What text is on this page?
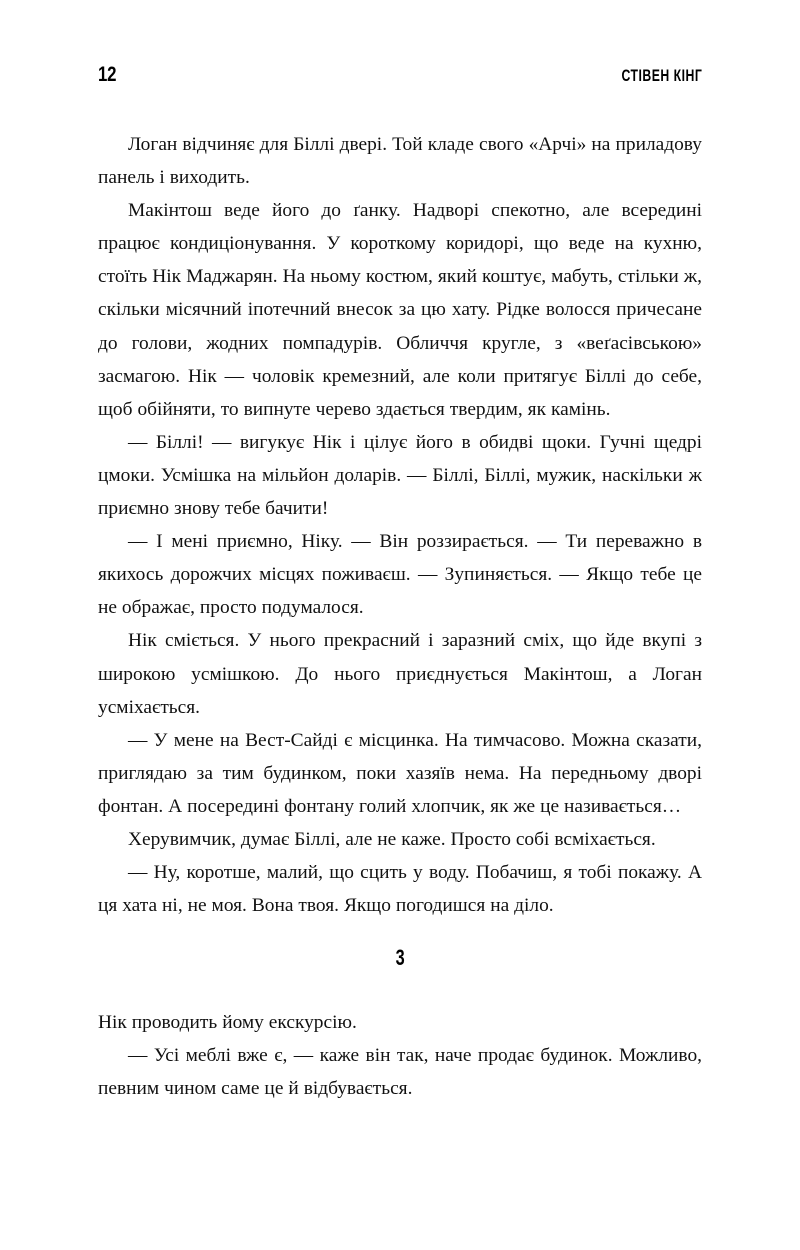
12	СТІВЕН КІНГ

Логан відчиняє для Біллі двері. Той кладе свого «Арчі» на приладову панель і виходить.

Макінтош веде його до ґанку. Надворі спекотно, але всередині працює кондиціонування. У короткому коридорі, що веде на кухню, стоїть Нік Маджарян. На ньому костюм, який коштує, мабуть, стільки ж, скільки місячний іпотечний внесок за цю хату. Рідке волосся причесане до голови, жодних помпадурів. Обличчя кругле, з «веґасівською» засмагою. Нік — чоловік кремезний, але коли притягує Біллі до себе, щоб обійняти, то випнуте черево здається твердим, як камінь.

— Біллі! — вигукує Нік і цілує його в обидві щоки. Гучні щедрі цмоки. Усмішка на мільйон доларів. — Біллі, Біллі, мужик, наскільки ж приємно знову тебе бачити!

— І мені приємно, Ніку. — Він роззирається. — Ти переважно в якихось дорожчих місцях поживаєш. — Зупиняється. — Якщо тебе це не ображає, просто подумалося.

Нік сміється. У нього прекрасний і заразний сміх, що йде вкупі з широкою усмішкою. До нього приєднується Макінтош, а Логан усміхається.

— У мене на Вест-Сайді є місцинка. На тимчасово. Можна сказати, приглядаю за тим будинком, поки хазяїв нема. На передньому дворі фонтан. А посередині фонтану голий хлопчик, як же це називається…

Херувимчик, думає Біллі, але не каже. Просто собі всміхається.

— Ну, коротше, малий, що сцить у воду. Побачиш, я тобі покажу. А ця хата ні, не моя. Вона твоя. Якщо погодишся на діло.

3

Нік проводить йому екскурсію.

— Усі меблі вже є, — каже він так, наче продає будинок. Можливо, певним чином саме це й відбувається.
